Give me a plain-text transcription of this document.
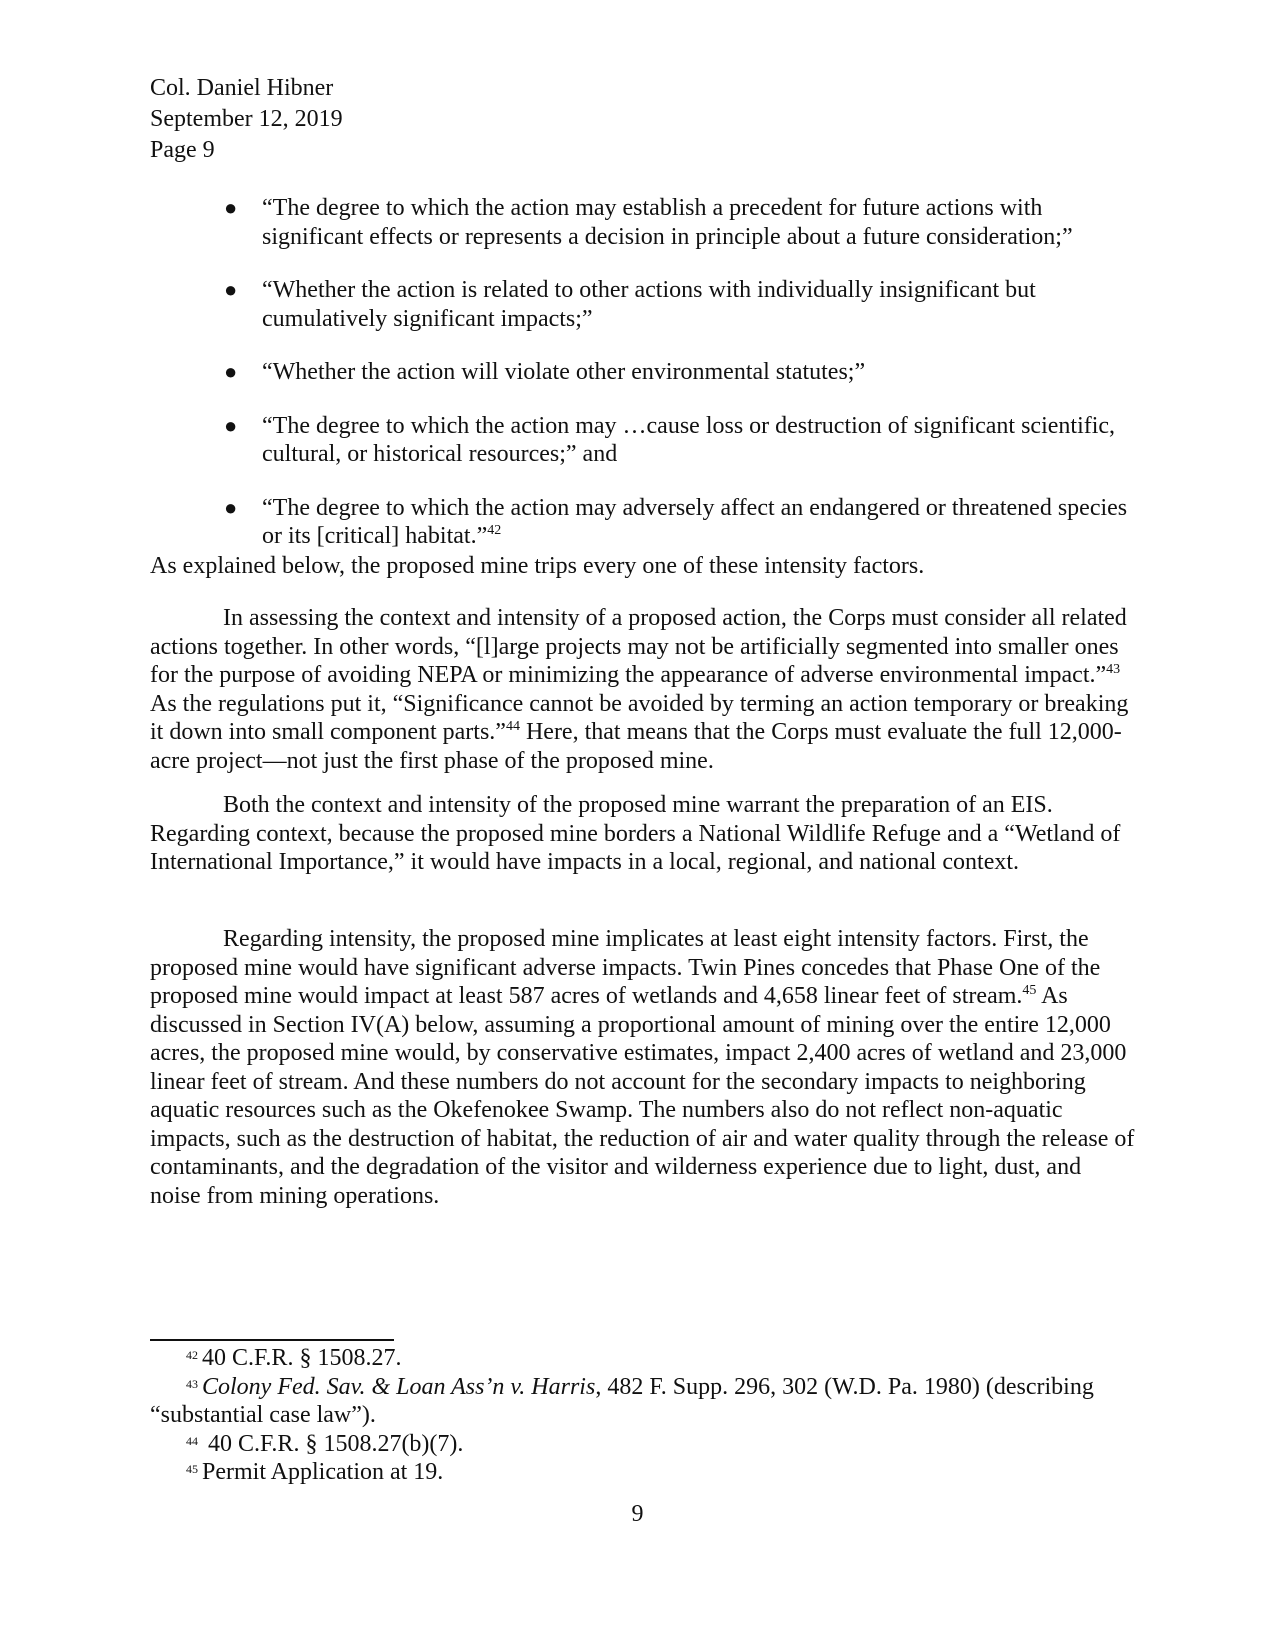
Col. Daniel Hibner
September 12, 2019
Page 9
● “The degree to which the action may establish a precedent for future actions with significant effects or represents a decision in principle about a future consideration;”
● “Whether the action is related to other actions with individually insignificant but cumulatively significant impacts;”
● “Whether the action will violate other environmental statutes;”
● “The degree to which the action may …cause loss or destruction of significant scientific, cultural, or historical resources;” and
● “The degree to which the action may adversely affect an endangered or threatened species or its [critical] habitat.”$^{42}$

As explained below, the proposed mine trips every one of these intensity factors.

In assessing the context and intensity of a proposed action, the Corps must consider all related actions together. In other words, “[l]arge projects may not be artificially segmented into smaller ones for the purpose of avoiding NEPA or minimizing the appearance of adverse environmental impact.”$^{43}$ As the regulations put it, “Significance cannot be avoided by terming an action temporary or breaking it down into small component parts.”$^{44}$ Here, that means that the Corps must evaluate the full 12,000-acre project—not just the first phase of the proposed mine.

Both the context and intensity of the proposed mine warrant the preparation of an EIS. Regarding context, because the proposed mine borders a National Wildlife Refuge and a “Wetland of International Importance,” it would have impacts in a local, regional, and national context.

Regarding intensity, the proposed mine implicates at least eight intensity factors. First, the proposed mine would have significant adverse impacts. Twin Pines concedes that Phase One of the proposed mine would impact at least 587 acres of wetlands and 4,658 linear feet of stream.$^{45}$ As discussed in Section IV(A) below, assuming a proportional amount of mining over the entire 12,000 acres, the proposed mine would, by conservative estimates, impact 2,400 acres of wetland and 23,000 linear feet of stream. And these numbers do not account for the secondary impacts to neighboring aquatic resources such as the Okefenokee Swamp. The numbers also do not reflect non-aquatic impacts, such as the destruction of habitat, the reduction of air and water quality through the release of contaminants, and the degradation of the visitor and wilderness experience due to light, dust, and noise from mining operations.

$^{42}$ 40 C.F.R. § 1508.27.

$^{43}$ Colony Fed. Sav. & Loan Ass’n v. Harris, 482 F. Supp. 296, 302 (W.D. Pa. 1980) (describing “substantial case law”).

$^{44}$ 40 C.F.R. § 1508.27(b)(7).

$^{45}$ Permit Application at 19.

9
